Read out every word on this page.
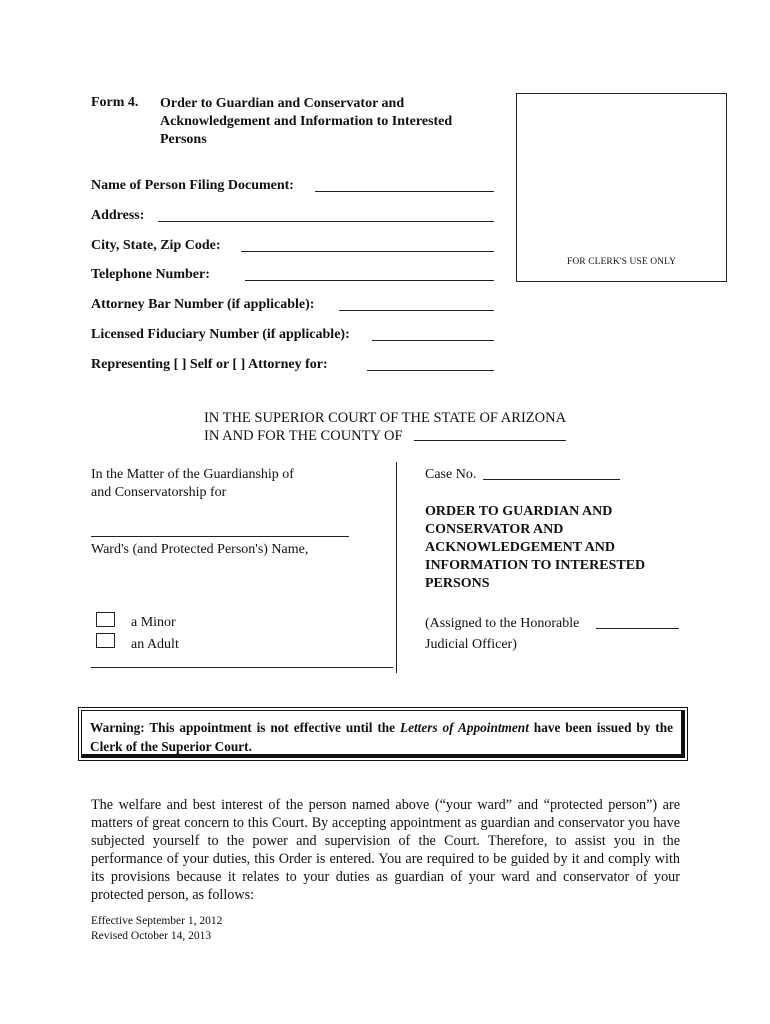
Form 4. Order to Guardian and Conservator and Acknowledgement and Information to Interested Persons
FOR CLERK'S USE ONLY
Name of Person Filing Document:
Address:
City, State, Zip Code:
Telephone Number:
Attorney Bar Number (if applicable):
Licensed Fiduciary Number (if applicable):
Representing [ ] Self or [ ] Attorney for:
IN THE SUPERIOR COURT OF THE STATE OF ARIZONA
IN AND FOR THE COUNTY OF
In the Matter of the Guardianship of
and Conservatorship for
Ward's (and Protected Person's) Name,
a Minor
an Adult
Case No.
ORDER TO GUARDIAN AND CONSERVATOR AND ACKNOWLEDGEMENT AND INFORMATION TO INTERESTED PERSONS
(Assigned to the Honorable
Judicial Officer)
Warning: This appointment is not effective until the Letters of Appointment have been issued by the Clerk of the Superior Court.
The welfare and best interest of the person named above (“your ward” and “protected person”) are matters of great concern to this Court. By accepting appointment as guardian and conservator you have subjected yourself to the power and supervision of the Court. Therefore, to assist you in the performance of your duties, this Order is entered. You are required to be guided by it and comply with its provisions because it relates to your duties as guardian of your ward and conservator of your protected person, as follows:
Effective September 1, 2012
Revised October 14, 2013
